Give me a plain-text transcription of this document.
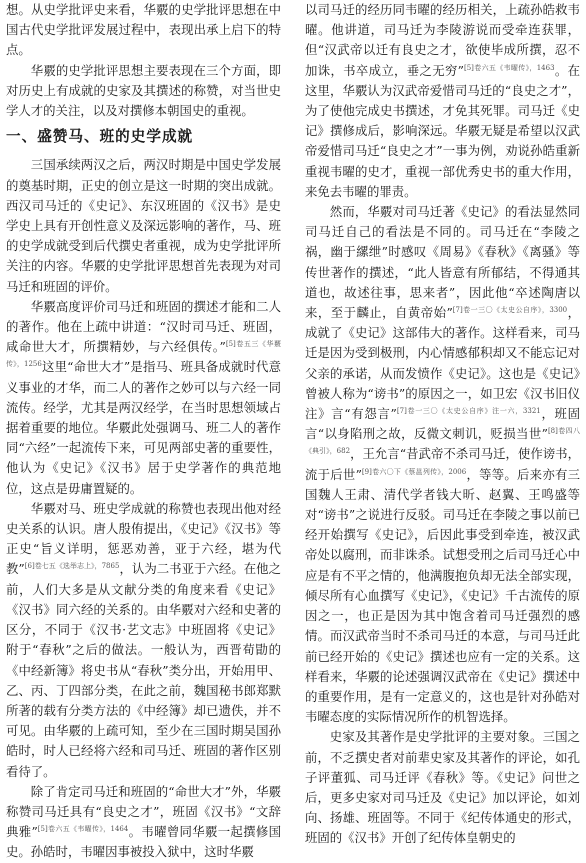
想。从史学批评史来看，华覈的史学批评思想在中国古代史学批评发展过程中，表现出承上启下的特点。

华覈的史学批评思想主要表现在三个方面，即对历史上有成就的史家及其撰述的称赞，对当世史学人才的关注，以及对撰修本朝国史的重视。

一、盛赞马、班的史学成就

三国承续两汉之后，两汉时期是中国史学发展的奠基时期，正史的创立是这一时期的突出成就。西汉司马迁的《史记》、东汉班固的《汉书》是史学史上具有开创性意义及深远影响的著作，马、班的史学成就受到后代撰史者重视，成为史学批评所关注的内容。华覈的史学批评思想首先表现为对司马迁和班固的评价。

华覈高度评价司马迁和班固的撰述才能和二人的著作。他在上疏中讲道：“汉时司马迁、班固，咸命世大才，所撰精妙，与六经俱传。”$^{[5]卷五三《华覈传》,1256}$这里“命世大才”是指马、班具备成就时代意义事业的才华，而二人的著作之妙可以与六经一同流传。经学，尤其是两汉经学，在当时思想领域占据着重要的地位。华覈此处强调马、班二人的著作同“六经”一起流传下来，可见两部史著的重要性，他认为《史记》《汉书》居于史学著作的典范地位，这点是毋庸置疑的。

华覈对马、班史学成就的称赞也表现出他对经史关系的认识。唐人殷侑提出，《史记》《汉书》等正史“旨义详明，惩恶劝善，亚于六经，堪为代教”$^{[6]卷七五《选举志上》,7865}$，认为二书亚于六经。在他之前，人们大多是从文献分类的角度来看《史记》《汉书》同六经的关系的。由华覈对六经和史著的区分，不同于《汉书·艺文志》中班固将《史记》附于“春秋”之后的做法。一般认为，西晋荀勖的《中经新簿》将史书从“春秋”类分出，开始用甲、乙、丙、丁四部分类，在此之前，魏国秘书郎郑默所著的载有分类方法的《中经簿》却已遗佚，并不可见。由华覈的上疏可知，至少在三国时期吴国孙皓时，时人已经将六经和司马迁、班固的著作区别看待了。

除了肯定司马迁和班固的“命世大才”外，华覈称赞司马迁具有“良史之才”，班固《汉书》“文辞典雅”$^{[5]卷六五《韦曜传》,1464}$。韦曜曾同华覈一起撰修国史。孙皓时，韦曜因事被投入狱中，这时华覈

以司马迁的经历同韦曜的经历相关，上疏孙皓救韦曜。他讲道，司马迁为李陵游说而受牵连获罪，但“汉武帝以迁有良史之才，欲使毕成所撰，忍不加诛，书卒成立，垂之无穷”$^{[5]卷六五《韦曜传》,1463}$。在这里，华覈认为汉武帝爱惜司马迁的“良史之才”，为了使他完成史书撰述，才免其死罪。司马迁《史记》撰修成后，影响深远。华覈无疑是希望以汉武帝爱惜司马迁“良史之才”一事为例，劝说孙皓重新重视韦曜的史才，重视一部优秀史书的重大作用，来免去韦曜的罪责。

然而，华覈对司马迁著《史记》的看法显然同司马迁自己的看法是不同的。司马迁在“李陵之祸，幽于縲绁”时感叹《周易》《春秋》《离骚》等传世著作的撰述，“此人皆意有所郁结，不得通其道也，故述往事，思来者”，因此他“卒述陶唐以来，至于麟止，自黄帝始”$^{[7]卷一三〇《太史公自序》,3300}$，成就了《史记》这部伟大的著作。这样看来，司马迁是因为受到极刑，内心情感郁积却又不能忘记对父亲的承诺，从而发愤作《史记》。这也是《史记》曾被人称为“谤书”的原因之一，如卫宏《汉书旧仪注》言“有怨言”$^{[7]卷一三〇《太史公自序》注一六,3321}$，班固言“以身陷刑之故，反微文刺讥，贬损当世”$^{[8]卷四八《典引》,682}$，王允言“昔武帝不杀司马迁，使作谤书，流于后世”$^{[9]卷六〇下《蔡邕列传》,2006}$，等等。后来亦有三国魏人王肃、清代学者钱大昕、赵翼、王鸣盛等对“谤书”之说进行反驳。司马迁在李陵之事以前已经开始撰写《史记》，后因此事受到牵连，被汉武帝处以腐刑，而非诛杀。试想受刑之后司马迁心中应是有不平之情的，他满腹抱负却无法全部实现，倾尽所有心血撰写《史记》，《史记》千古流传的原因之一，也正是因为其中饱含着司马迁强烈的感情。而汉武帝当时不杀司马迁的本意，与司马迁此前已经开始的《史记》撰述也应有一定的关系。这样看来，华覈的论述强调汉武帝在《史记》撰述中的重要作用，是有一定意义的，这也是针对孙皓对韦曜态度的实际情况所作的机智选择。

史家及其著作是史学批评的主要对象。三国之前，不乏撰史者对前辈史家及其著作的评论，如孔子评董狐、司马迁评《春秋》等。《史记》问世之后，更多史家对司马迁及《史记》加以评论，如刘向、扬雄、班固等。不同于《纪传体通史的形式，班固的《汉书》开创了纪传体皇朝史的
